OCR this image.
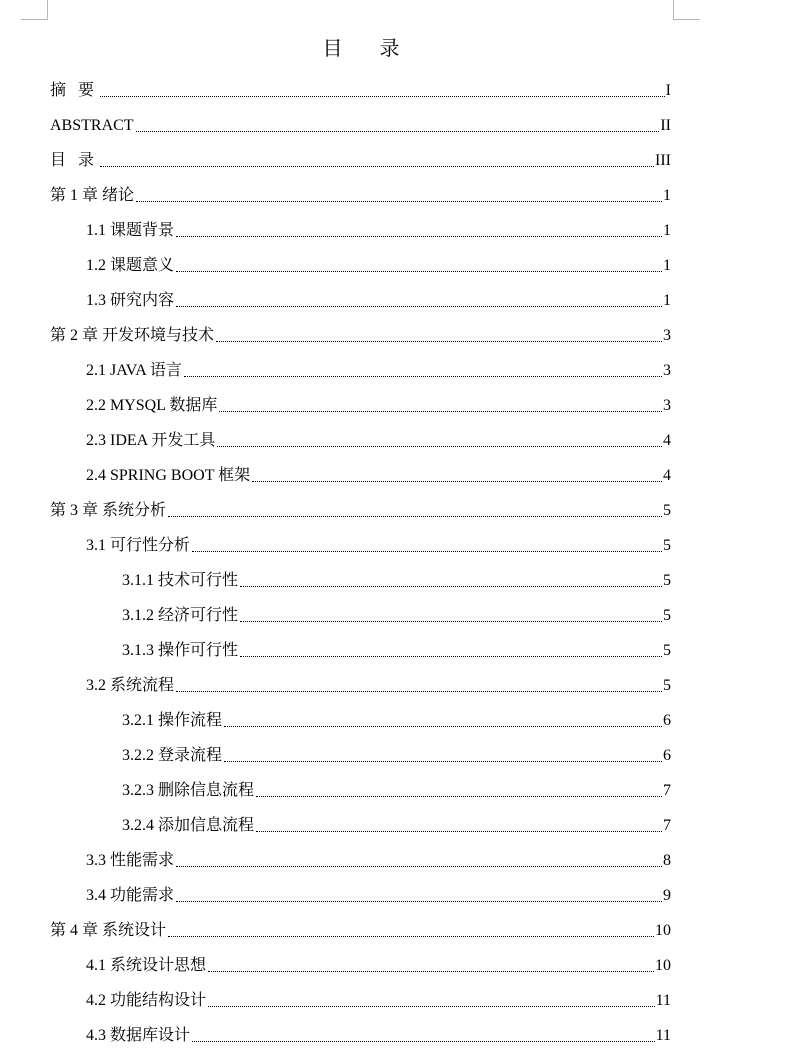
目 录
摘 要	I
ABSTRACT	II
目 录	III
第 1 章 绪论	1
1.1 课题背景	1
1.2 课题意义	1
1.3 研究内容	1
第 2 章 开发环境与技术	3
2.1 JAVA 语言	3
2.2 MYSQL 数据库	3
2.3 IDEA 开发工具	4
2.4 SPRING BOOT 框架	4
第 3 章 系统分析	5
3.1 可行性分析	5
3.1.1 技术可行性	5
3.1.2 经济可行性	5
3.1.3 操作可行性	5
3.2 系统流程	5
3.2.1 操作流程	6
3.2.2 登录流程	6
3.2.3 删除信息流程	7
3.2.4 添加信息流程	7
3.3 性能需求	8
3.4 功能需求	9
第 4 章 系统设计	10
4.1 系统设计思想	10
4.2 功能结构设计	11
4.3 数据库设计	11
